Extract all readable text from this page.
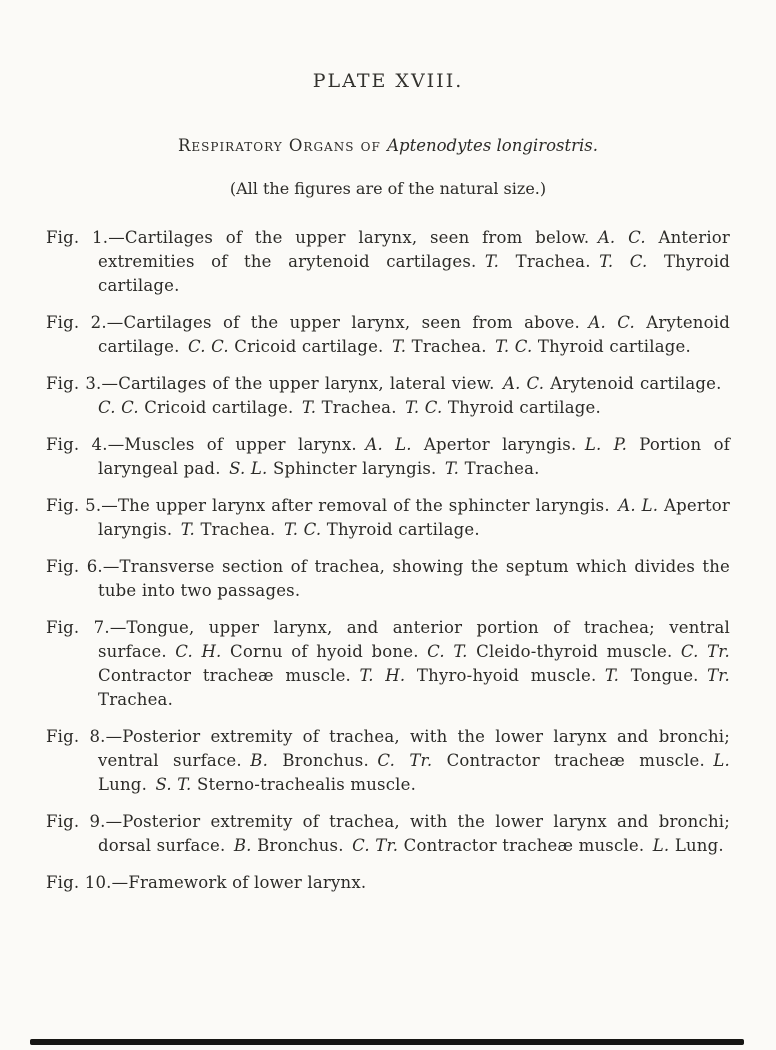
PLATE XVIII.
Respiratory Organs of Aptenodytes longirostris.
(All the figures are of the natural size.)

Fig. 1.—Cartilages of the upper larynx, seen from below. A. C. Anterior extremities of the arytenoid cartilages. T. Trachea. T. C. Thyroid cartilage.

Fig. 2.—Cartilages of the upper larynx, seen from above. A. C. Arytenoid cartilage. C. C. Cricoid cartilage. T. Trachea. T. C. Thyroid cartilage.

Fig. 3.—Cartilages of the upper larynx, lateral view. A. C. Arytenoid cartilage. C. C. Cricoid cartilage. T. Trachea. T. C. Thyroid cartilage.

Fig. 4.—Muscles of upper larynx. A. L. Apertor laryngis. L. P. Portion of laryngeal pad. S. L. Sphincter laryngis. T. Trachea.

Fig. 5.—The upper larynx after removal of the sphincter laryngis. A. L. Apertor laryngis. T. Trachea. T. C. Thyroid cartilage.

Fig. 6.—Transverse section of trachea, showing the septum which divides the tube into two passages.

Fig. 7.—Tongue, upper larynx, and anterior portion of trachea; ventral surface. C. H. Cornu of hyoid bone. C. T. Cleido-thyroid muscle. C. Tr. Contractor tracheæ muscle. T. H. Thyro-hyoid muscle. T. Tongue. Tr. Trachea.

Fig. 8.—Posterior extremity of trachea, with the lower larynx and bronchi; ventral surface. B. Bronchus. C. Tr. Contractor tracheæ muscle. L. Lung. S. T. Sterno-trachealis muscle.

Fig. 9.—Posterior extremity of trachea, with the lower larynx and bronchi; dorsal surface. B. Bronchus. C. Tr. Contractor tracheæ muscle. L. Lung.

Fig. 10.—Framework of lower larynx.
